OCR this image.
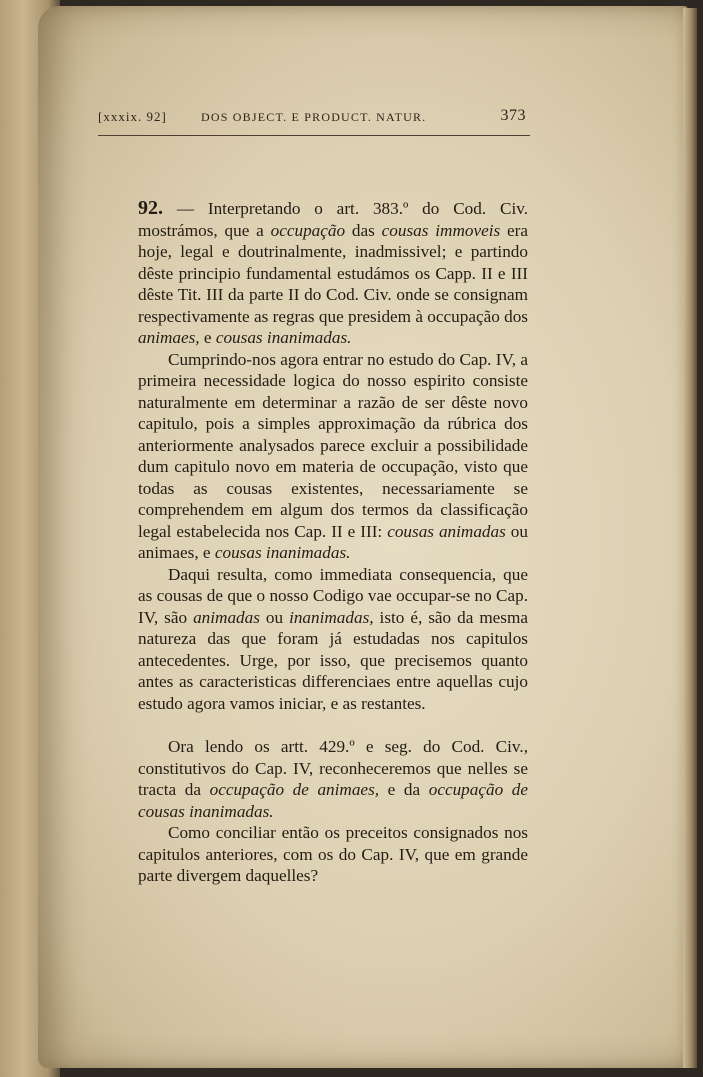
[xxxix. 92]	DOS OBJECT. E PRODUCT. NATUR.	373

92. — Interpretando o art. 383.º do Cod. Civ. mostrámos, que a occupação das cousas immoveis era hoje, legal e doutrinalmente, inadmissivel; e partindo dêste principio fundamental estudámos os Capp. II e III dêste Tit. III da parte II do Cod. Civ. onde se consignam respectivamente as regras que presidem à occupação dos animaes, e cousas inanimadas.

Cumprindo-nos agora entrar no estudo do Cap. IV, a primeira necessidade logica do nosso espirito consiste naturalmente em determinar a razão de ser dêste novo capitulo, pois a simples approximação da rúbrica dos anteriormente analysados parece excluir a possibilidade dum capitulo novo em materia de occupação, visto que todas as cousas existentes, necessariamente se comprehendem em algum dos termos da classificação legal estabelecida nos Cap. II e III: cousas animadas ou animaes, e cousas inanimadas.

Daqui resulta, como immediata consequencia, que as cousas de que o nosso Codigo vae occupar-se no Cap. IV, são animadas ou inanimadas, isto é, são da mesma natureza das que foram já estudadas nos capitulos antecedentes. Urge, por isso, que precisemos quanto antes as caracteristicas differenciaes entre aquellas cujo estudo agora vamos iniciar, e as restantes.

Ora lendo os artt. 429.º e seg. do Cod. Civ., constitutivos do Cap. IV, reconheceremos que nelles se tracta da occupação de animaes, e da occupação de cousas inanimadas.

Como conciliar então os preceitos consignados nos capitulos anteriores, com os do Cap. IV, que em grande parte divergem daquelles?
